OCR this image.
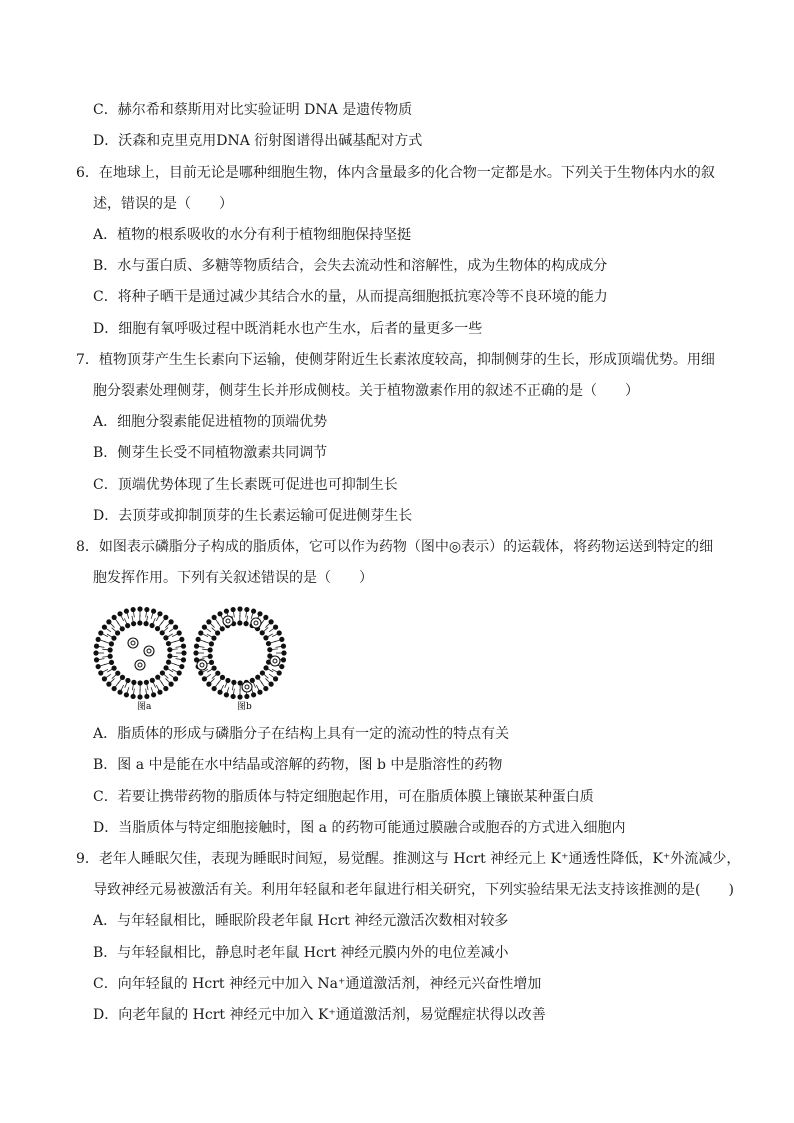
C．赫尔希和蔡斯用对比实验证明 DNA 是遗传物质
D．沃森和克里克用DNA 衍射图谱得出碱基配对方式
6．在地球上，目前无论是哪种细胞生物，体内含量最多的化合物一定都是水。下列关于生物体内水的叙
述，错误的是（　　）
A．植物的根系吸收的水分有利于植物细胞保持坚挺
B．水与蛋白质、多糖等物质结合，会失去流动性和溶解性，成为生物体的构成成分
C．将种子晒干是通过减少其结合水的量，从而提高细胞抵抗寒冷等不良环境的能力
D．细胞有氧呼吸过程中既消耗水也产生水，后者的量更多一些
7．植物顶芽产生生长素向下运输，使侧芽附近生长素浓度较高，抑制侧芽的生长，形成顶端优势。用细
胞分裂素处理侧芽，侧芽生长并形成侧枝。关于植物激素作用的叙述不正确的是（　　）
A．细胞分裂素能促进植物的顶端优势
B．侧芽生长受不同植物激素共同调节
C．顶端优势体现了生长素既可促进也可抑制生长
D．去顶芽或抑制顶芽的生长素运输可促进侧芽生长
8．如图表示磷脂分子构成的脂质体，它可以作为药物（图中◎表示）的运载体，将药物运送到特定的细
胞发挥作用。下列有关叙述错误的是（　　）
图a	图b
A．脂质体的形成与磷脂分子在结构上具有一定的流动性的特点有关
B．图 a 中是能在水中结晶或溶解的药物，图 b 中是脂溶性的药物
C．若要让携带药物的脂质体与特定细胞起作用，可在脂质体膜上镶嵌某种蛋白质
D．当脂质体与特定细胞接触时，图 a 的药物可能通过膜融合或胞吞的方式进入细胞内
9．老年人睡眠欠佳，表现为睡眠时间短，易觉醒。推测这与 Hcrt 神经元上 K⁺通透性降低，K⁺外流减少，
导致神经元易被激活有关。利用年轻鼠和老年鼠进行相关研究，下列实验结果无法支持该推测的是(　　)
A．与年轻鼠相比，睡眠阶段老年鼠 Hcrt 神经元激活次数相对较多
B．与年轻鼠相比，静息时老年鼠 Hcrt 神经元膜内外的电位差减小
C．向年轻鼠的 Hcrt 神经元中加入 Na⁺通道激活剂，神经元兴奋性增加
D．向老年鼠的 Hcrt 神经元中加入 K⁺通道激活剂，易觉醒症状得以改善
